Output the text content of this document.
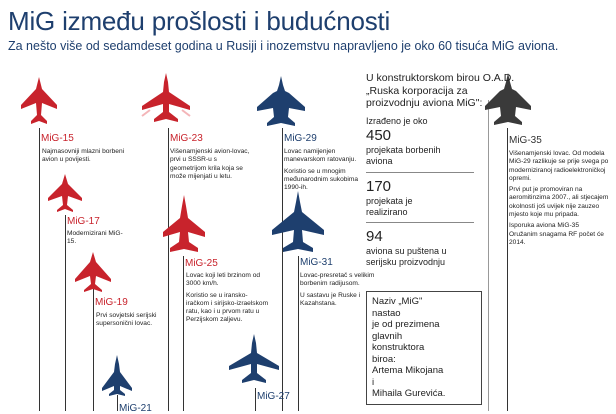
MiG između prošlosti i budućnosti
Za nešto više od sedamdeset godina u Rusiji i inozemstvu napravljeno je oko 60 tisuća MiG aviona.
MiG-15

Najmasovniji mlazni borbeni avion u povijesti.

MiG-17

Modernizirani MiG-15.

MiG-19

Prvi sovjetski serijski supersonični lovac.

MiG-21
MiG-23

Višenamjenski avion-lovac, prvi u SSSR-u s geometrijom krila koja se može mijenjati u letu.

MiG-25

Lovac koji leti brzinom od 3000 km/h.

Koristio se u iransko-iračkom i sirijsko-izraelskom ratu, kao i u prvom ratu u Perzijskom zaljevu.

MiG-27
MiG-29

Lovac namijenjen manevarskom ratovanju.

Koristio se u mnogim međunarodnim sukobima 1990-ih.

MiG-31

Lovac-presretač s velikim borbenim radijusom.

U sastavu je Ruske i Kazahstana.

MiG-35

Višenamjenski lovac. Od modela MiG-29 razlikuje se prije svega po moderniziranoj radioelektroničkoj opremi.

Prvi put je promoviran na aeromitinzima 2007., ali stjecajem okolnosti još uvijek nije zauzeo mjesto koje mu pripada.

Isporuka aviona MiG-35 Oružanim snagama RF počet će 2014.

U konstruktorskom birou O.A.D.
„Ruska korporacija za
proizvodnju aviona MiG":
Izrađeno je oko
450
projekata borbenih
aviona
170
projekata je
realizirano
94
aviona su puštena u
serijsku proizvodnju
Naziv „MiG"
nastao
je od prezimena
glavnih
konstruktora
biroa:
Artema Mikojana
i
Mihaila Gurevića.
